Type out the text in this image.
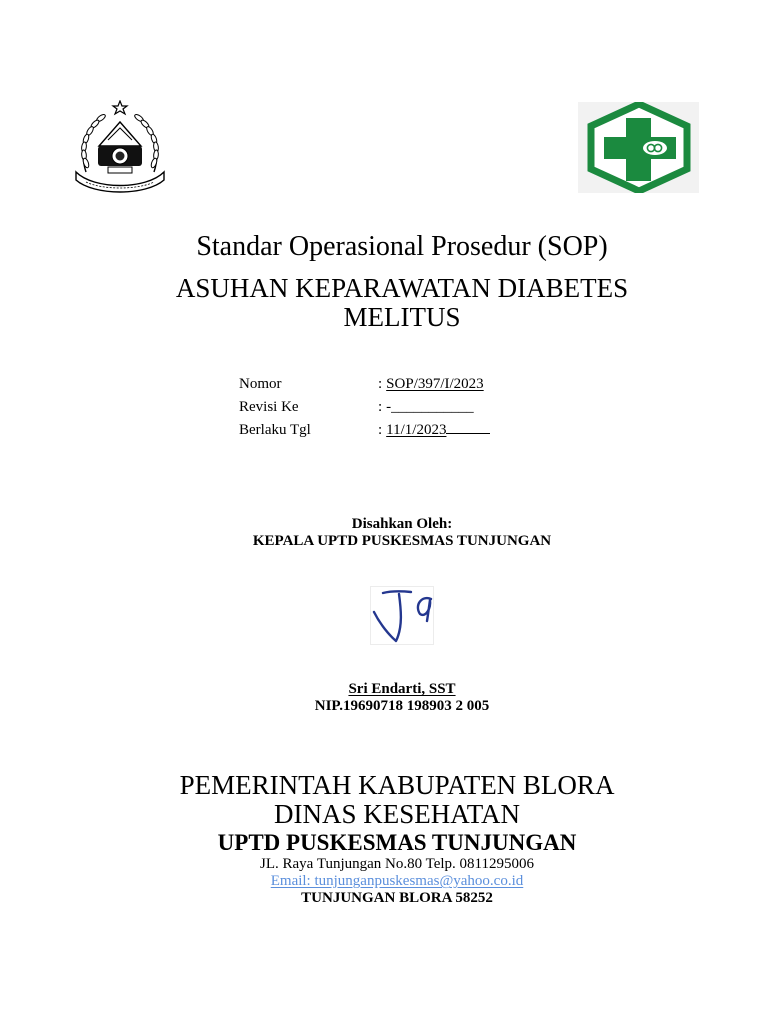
Standar Operasional Prosedur (SOP)
ASUHAN KEPARAWATAN DIABETES
MELITUS
Nomor	: SOP/397/I/2023
Revisi Ke	: -___________
Berlaku Tgl	: 11/1/2023
Disahkan Oleh:
KEPALA UPTD PUSKESMAS TUNJUNGAN
Sri Endarti, SST
NIP.19690718 198903 2 005
PEMERINTAH KABUPATEN BLORA
DINAS KESEHATAN
UPTD PUSKESMAS TUNJUNGAN
JL. Raya Tunjungan No.80 Telp. 0811295006
Email: tunjunganpuskesmas@yahoo.co.id
TUNJUNGAN BLORA 58252
